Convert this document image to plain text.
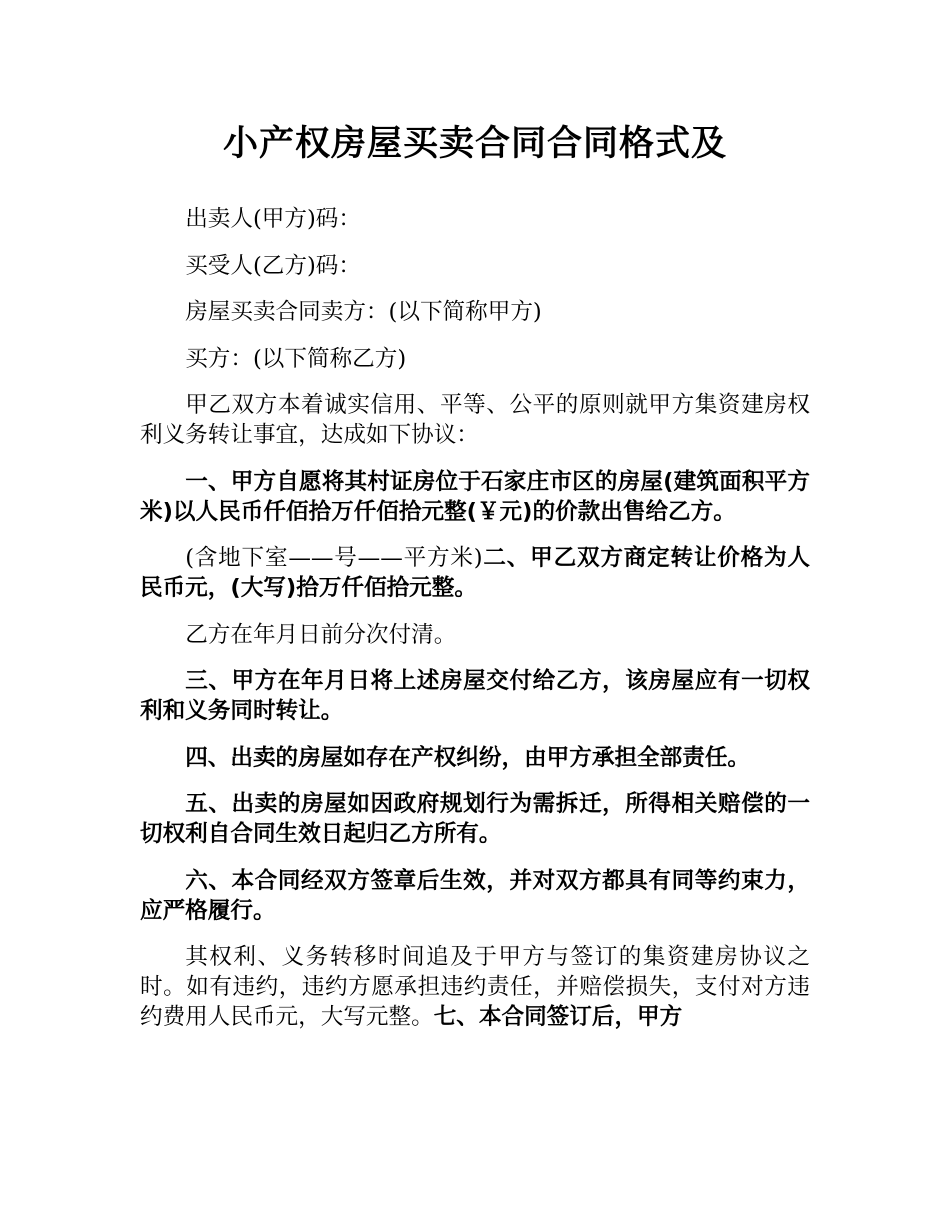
小产权房屋买卖合同合同格式及

出卖人(甲方)码：

买受人(乙方)码：

房屋买卖合同卖方：(以下简称甲方)

买方：(以下简称乙方)

甲乙双方本着诚实信用、平等、公平的原则就甲方集资建房权利义务转让事宜，达成如下协议：

一、甲方自愿将其村证房位于石家庄市区的房屋(建筑面积平方米)以人民币仟佰拾万仟佰拾元整(￥元)的价款出售给乙方。

(含地下室——号——平方米)二、甲乙双方商定转让价格为人民币元，(大写)拾万仟佰拾元整。

乙方在年月日前分次付清。

三、甲方在年月日将上述房屋交付给乙方，该房屋应有一切权利和义务同时转让。

四、出卖的房屋如存在产权纠纷，由甲方承担全部责任。

五、出卖的房屋如因政府规划行为需拆迁，所得相关赔偿的一切权利自合同生效日起归乙方所有。

六、本合同经双方签章后生效，并对双方都具有同等约束力，应严格履行。

其权利、义务转移时间追及于甲方与签订的集资建房协议之时。如有违约，违约方愿承担违约责任，并赔偿损失，支付对方违约费用人民币元，大写元整。七、本合同签订后，甲方
